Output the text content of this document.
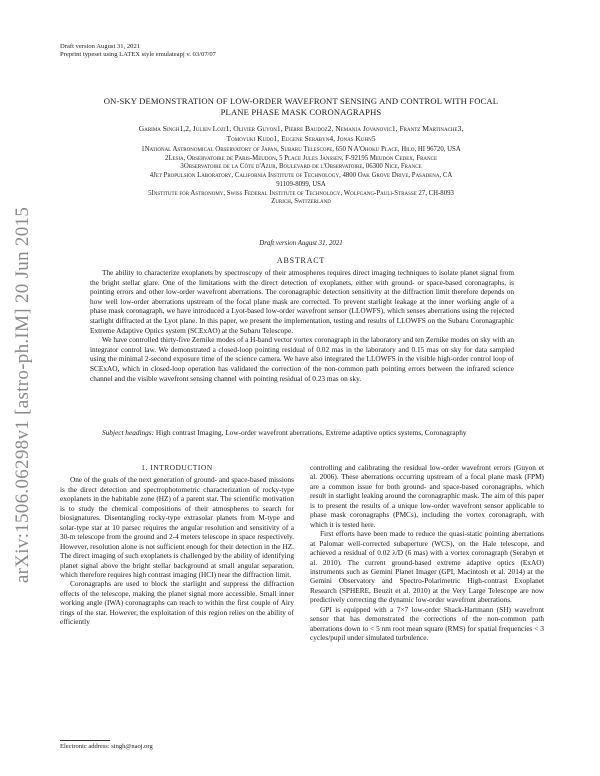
arXiv:1506.06298v1 [astro-ph.IM] 20 Jun 2015
Draft version August 31, 2021
Preprint typeset using LATEX style emulateapj v. 03/07/07
ON-SKY DEMONSTRATION OF LOW-ORDER WAVEFRONT SENSING AND CONTROL WITH FOCAL
PLANE PHASE MASK CORONAGRAPHS
Garima Singh1,2, Julien Lozi1, Olivier Guyon1, Pierre Baudoz2, Nemanja Jovanovic1, Frantz Martinache3,
Tomoyuki Kudo1, Eugene Serabyn4, Jonas Kuhn5
1National Astronomical Observatory of Japan, Subaru Telescope, 650 N A'Ohoku Place, Hilo, HI 96720, USA
2Lesia, Observatoire de Paris-Meudon, 5 Place Jules Janssen, F-92195 Meudon Cedex, France
3Observatoire de la Côte d'Azur, Boulevard de l'Observatoire, 06300 Nice, France
4Jet Propulsion Laboratory, California Institute of Technology, 4800 Oak Grove Drive, Pasadena, CA
91109-8099, USA
5Institute for Astronomy, Swiss Federal Institute of Technology, Wolfgang-Pauli-Strasse 27, CH-8093
Zurich, Switzerland
Draft version August 31, 2021
ABSTRACT

The ability to characterize exoplanets by spectroscopy of their atmospheres requires direct imaging techniques to isolate planet signal from the bright stellar glare. One of the limitations with the direct detection of exoplanets, either with ground- or space-based coronagraphs, is pointing errors and other low-order wavefront aberrations. The coronagraphic detection sensitivity at the diffraction limit therefore depends on how well low-order aberrations upstream of the focal plane mask are corrected. To prevent starlight leakage at the inner working angle of a phase mask coronagraph, we have introduced a Lyot-based low-order wavefront sensor (LLOWFS), which senses aberrations using the rejected starlight diffracted at the Lyot plane. In this paper, we present the implementation, testing and results of LLOWFS on the Subaru Coronagraphic Extreme Adaptive Optics system (SCExAO) at the Subaru Telescope.

We have controlled thirty-five Zernike modes of a H-band vector vortex coronagraph in the laboratory and ten Zernike modes on sky with an integrator control law. We demonstrated a closed-loop pointing residual of 0.02 mas in the laboratory and 0.15 mas on sky for data sampled using the minimal 2-second exposure time of the science camera. We have also integrated the LLOWFS in the visible high-order control loop of SCExAO, which in closed-loop operation has validated the correction of the non-common path pointing errors between the infrared science channel and the visible wavefront sensing channel with pointing residual of 0.23 mas on sky.

Subject headings: High contrast Imaging, Low-order wavefront aberrations, Extreme adaptive optics systems, Coronagraphy
1. INTRODUCTION

One of the goals of the next generation of ground- and space-based missions is the direct detection and spectrophotometric characterization of rocky-type exoplanets in the habitable zone (HZ) of a parent star. The scientific motivation is to study the chemical compositions of their atmospheres to search for biosignatures. Disentangling rocky-type extrasolar planets from M-type and solar-type star at 10 parsec requires the angular resolution and sensitivity of a 30-m telescope from the ground and 2-4 meters telescope in space respectively. However, resolution alone is not sufficient enough for their detection in the HZ. The direct imaging of such exoplanets is challenged by the ability of identifying planet signal above the bright stellar background at small angular separation, which therefore requires high contrast imaging (HCI) near the diffraction limit.

Coronagraphs are used to block the starlight and suppress the diffraction effects of the telescope, making the planet signal more accessible. Small inner working angle (IWA) coronagraphs can reach to within the first couple of Airy rings of the star. However, the exploitation of this region relies on the ability of efficiently

controlling and calibrating the residual low-order wavefront errors (Guyon et al. 2006). These aberrations occurring upstream of a focal plane mask (FPM) are a common issue for both ground- and space-based coronagraphs, which result in starlight leaking around the coronagraphic mask. The aim of this paper is to present the results of a unique low-order wavefront sensor applicable to phase mask coronagraphs (PMCs), including the vortex coronagraph, with which it is tested here.

First efforts have been made to reduce the quasi-static pointing aberrations at Palomar well-corrected subaperture (WCS), on the Hale telescope, and achieved a residual of 0.02 λ/D (6 mas) with a vortex coronagraph (Serabyn et al. 2010). The current ground-based extreme adaptive optics (ExAO) instruments such as Gemini Planet Imager (GPI, Macintosh et al. 2014) at the Gemini Observatory and Spectro-Polarimetric High-contrast Exoplanet Research (SPHERE, Beuzit et al. 2010) at the Very Large Telescope are now predictively correcting the dynamic low-order wavefront aberrations.

GPI is equipped with a 7×7 low-order Shack-Hartmann (SH) wavefront sensor that has demonstrated the corrections of the non-common path aberrations down to < 5 nm root mean square (RMS) for spatial frequencies < 3 cycles/pupil under simulated turbulence.

Electronic address: singh@naoj.org
